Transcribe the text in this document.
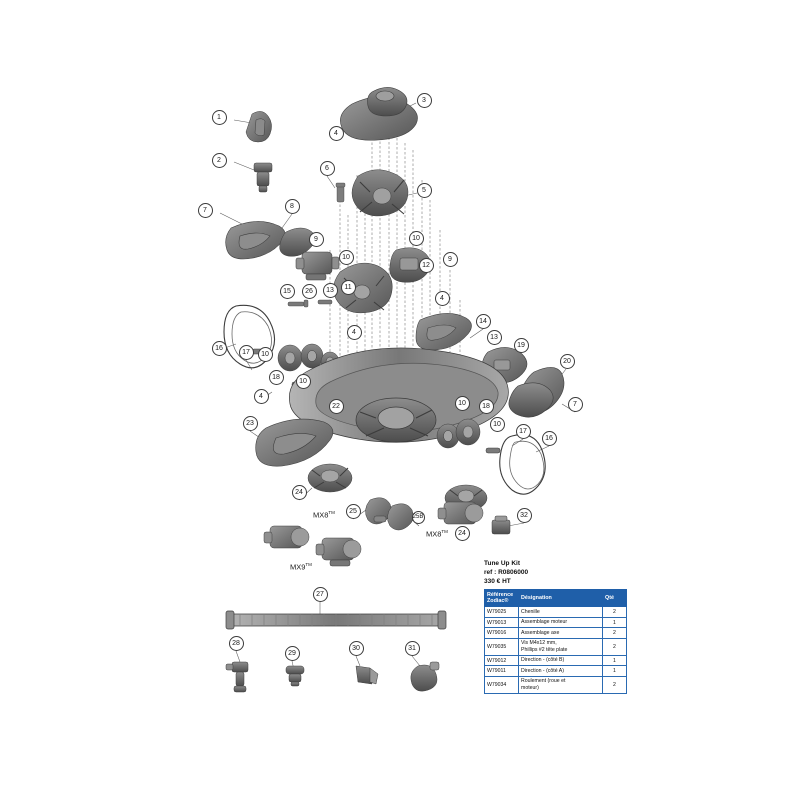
1
2
3
4
5
6
7
8
9
10
10
9
11
12
4
15	26	13
4
14
13
19
20
16
17	10
18
10
4
22
23
10	18	7
10
17
16
24
25
25B
24
32
27
28
29
30	31
MX8™
MX8™
MX9™	Tune Up Kit
ref : R0806000
330 € HT
Référence
Zodiac®	Désignation	Qté
W79025	Chenille	2
W79013	Assemblage moteur	1
W79016	Assemblage axe	2
W79035	Vis M4x12 mm,
Phillips #2 tête plate	2
W79012	Direction - (côté B)	1
W79011	Direction - (côté A)	1
W79034	Roulement (roue et
moteur)	2
